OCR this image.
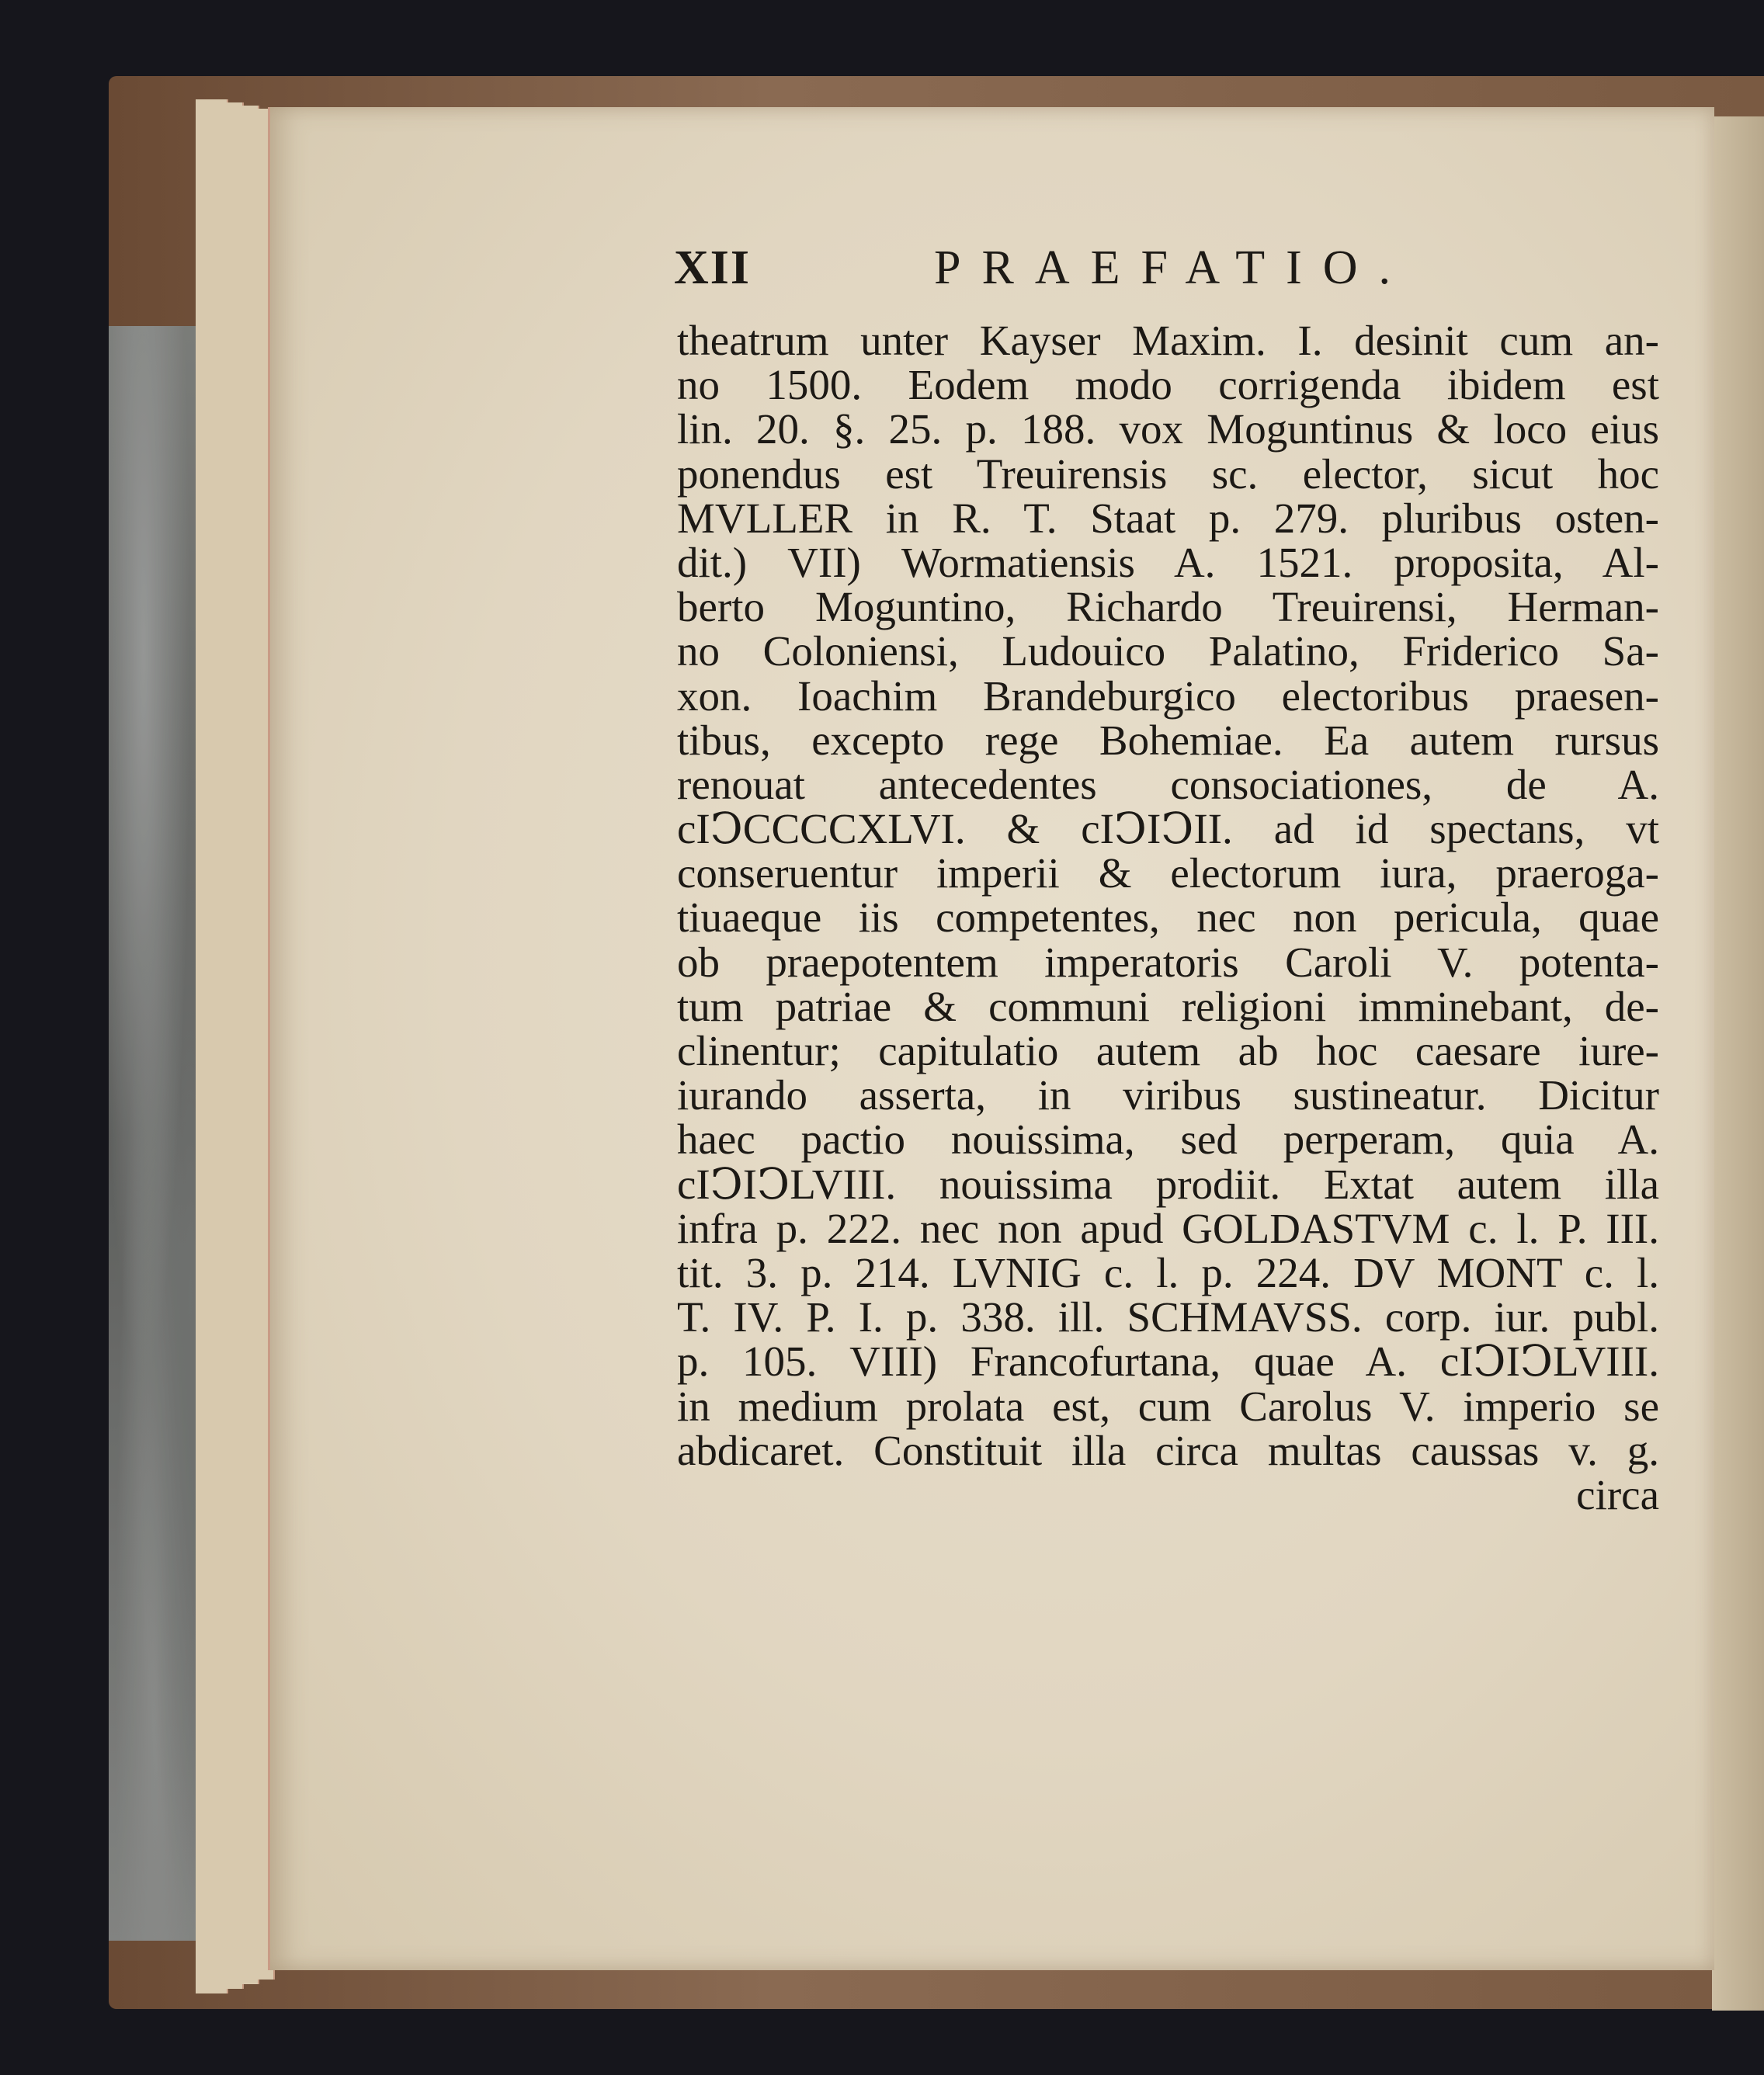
XII	PRAEFATIO.
theatrum unter Kayser Maxim. I. desinit cum an-
no 1500. Eodem modo corrigenda ibidem est
lin. 20. §. 25. p. 188. vox Moguntinus & loco eius
ponendus est Treuirensis sc. elector, sicut hoc
MVLLER in R. T. Staat p. 279. pluribus osten-
dit.) VII) Wormatiensis A. 1521. proposita, Al-
berto Moguntino, Richardo Treuirensi, Herman-
no Coloniensi, Ludouico Palatino, Friderico Sa-
xon. Ioachim Brandeburgico electoribus praesen-
tibus, excepto rege Bohemiae. Ea autem rursus
renouat antecedentes consociationes, de A.
cIↃCCCCXLVI. & cIↃIↃII. ad id spectans, vt
conseruentur imperii & electorum iura, praeroga-
tiuaeque iis competentes, nec non pericula, quae
ob praepotentem imperatoris Caroli V. potenta-
tum patriae & communi religioni imminebant, de-
clinentur; capitulatio autem ab hoc caesare iure-
iurando asserta, in viribus sustineatur. Dicitur
haec pactio nouissima, sed perperam, quia A.
cIↃIↃLVIII. nouissima prodiit. Extat autem illa
infra p. 222. nec non apud GOLDASTVM c. l. P. III.
tit. 3. p. 214. LVNIG c. l. p. 224. DV MONT c. l.
T. IV. P. I. p. 338. ill. SCHMAVSS. corp. iur. publ.
p. 105. VIII) Francofurtana, quae A. cIↃIↃLVIII.
in medium prolata est, cum Carolus V. imperio se
abdicaret. Constituit illa circa multas caussas v. g.
circa
